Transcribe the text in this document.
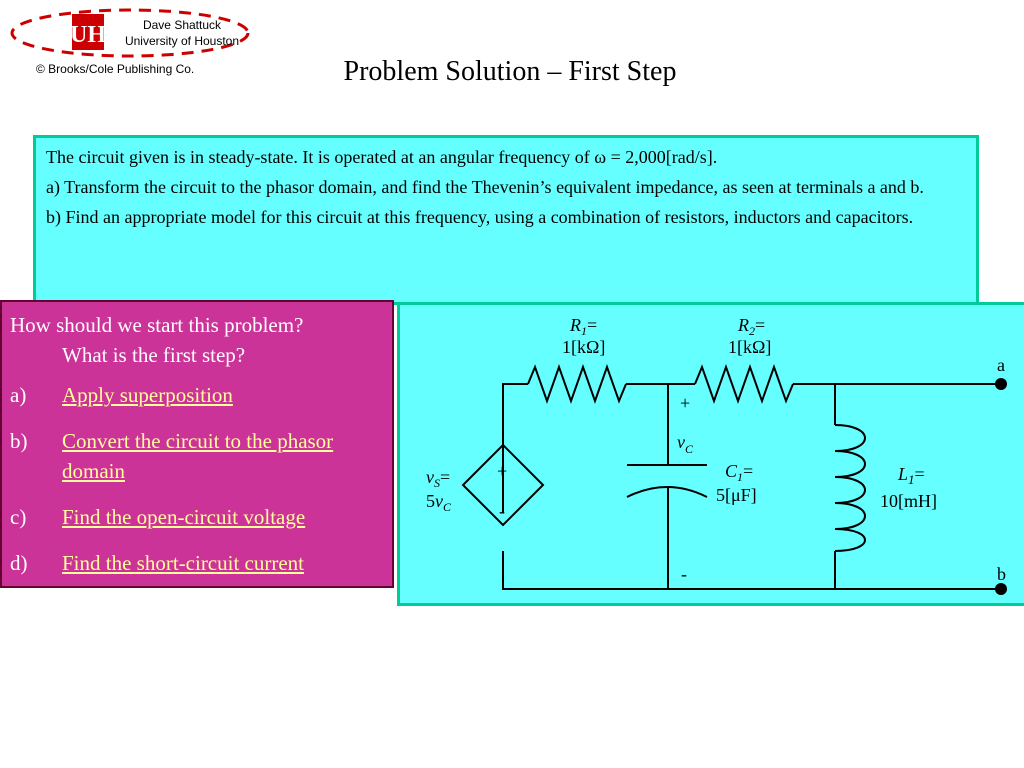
UH	Dave Shattuck
University of Houston
© Brooks/Cole Publishing Co.	Problem Solution – First Step

The circuit given is in steady-state. It is operated at an angular frequency of ω = 2,000[rad/s].

a) Transform the circuit to the phasor domain, and find the Thevenin’s equivalent impedance, as seen at terminals a and b.

b) Find an appropriate model for this circuit at this frequency, using a combination of resistors, inductors and capacitors.

How should we start this problem?
What is the first step?
a)	Apply superposition
b)	Convert the circuit to the phasor domain
c)	Find the open-circuit voltage
d)	Find the short-circuit current
$R_1=$
1[kΩ]
$R_2=$
1[kΩ]
+
$v_C$
-
$C_1=$
5[μF]
$L_1=$
10[mH]
+
-
$v_S=$
$5v_C$
a
b
